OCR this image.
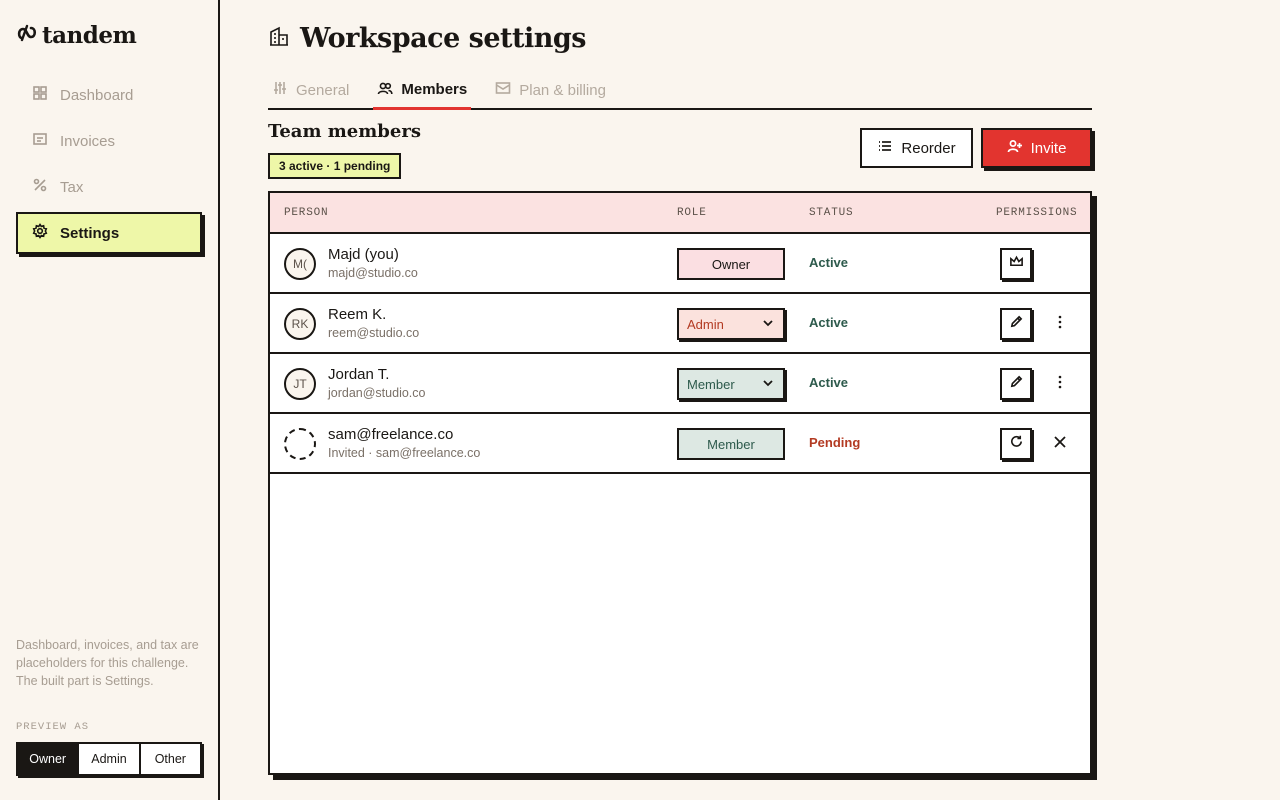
tandem
Dashboard
Invoices
Tax
Settings

Dashboard, invoices, and tax are placeholders for this challenge. The built part is Settings.

PREVIEW AS
Owner	Admin	Other
Workspace settings
General	Members	Plan & billing
Team members
3 active · 1 pending
Reorder	Invite
PERSON	ROLE	STATUS	PERMISSIONS
M(
Majd (you)
majd@studio.co
Owner	Active
RK
Reem K.
reem@studio.co
Admin	Active
JT
Jordan T.
jordan@studio.co
Member	Active
sam@freelance.co
Invited · sam@freelance.co
Member	Pending
